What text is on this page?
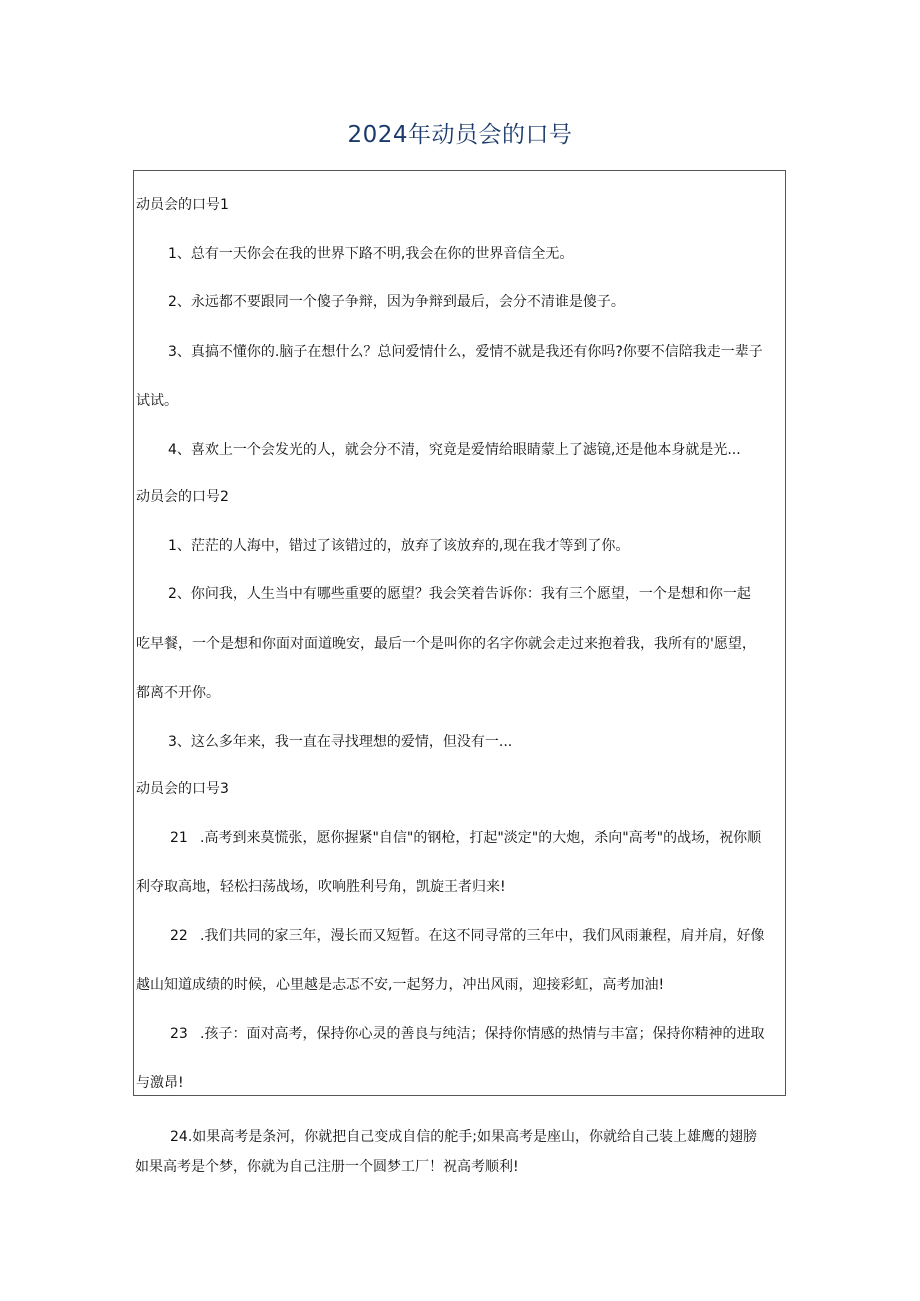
2024年动员会的口号
动员会的口号1
1、总有一天你会在我的世界下路不明,我会在你的世界音信全无。
2、永远都不要跟同一个傻子争辩，因为争辩到最后，会分不清谁是傻子。
3、真搞不懂你的.脑子在想什么？总问爱情什么，爱情不就是我还有你吗?你要不信陪我走一辈子
试试。
4、喜欢上一个会发光的人，就会分不清，究竟是爱情给眼睛蒙上了滤镜,还是他本身就是光...
动员会的口号2
1、茫茫的人海中，错过了该错过的，放弃了该放弃的,现在我才等到了你。
2、你问我，人生当中有哪些重要的愿望？我会笑着告诉你：我有三个愿望，一个是想和你一起
吃早餐，一个是想和你面对面道晚安，最后一个是叫你的名字你就会走过来抱着我，我所有的'愿望，
都离不开你。
3、这么多年来，我一直在寻找理想的爱情，但没有一...
动员会的口号3
21 .高考到来莫慌张，愿你握紧"自信"的钢枪，打起"淡定"的大炮，杀向"高考"的战场，祝你顺
利夺取高地，轻松扫荡战场，吹响胜利号角，凯旋王者归来!
22 .我们共同的家三年，漫长而又短暂。在这不同寻常的三年中，我们风雨兼程，肩并肩，好像
越山知道成绩的时候，心里越是忐忑不安,一起努力，冲出风雨，迎接彩虹，高考加油!
23 .孩子：面对高考，保持你心灵的善良与纯洁；保持你情感的热情与丰富；保持你精神的进取
与激昂!
24.如果高考是条河，你就把自己变成自信的舵手;如果高考是座山，你就给自己装上雄鹰的翅膀
如果高考是个梦，你就为自己注册一个圆梦工厂！祝高考顺利!
